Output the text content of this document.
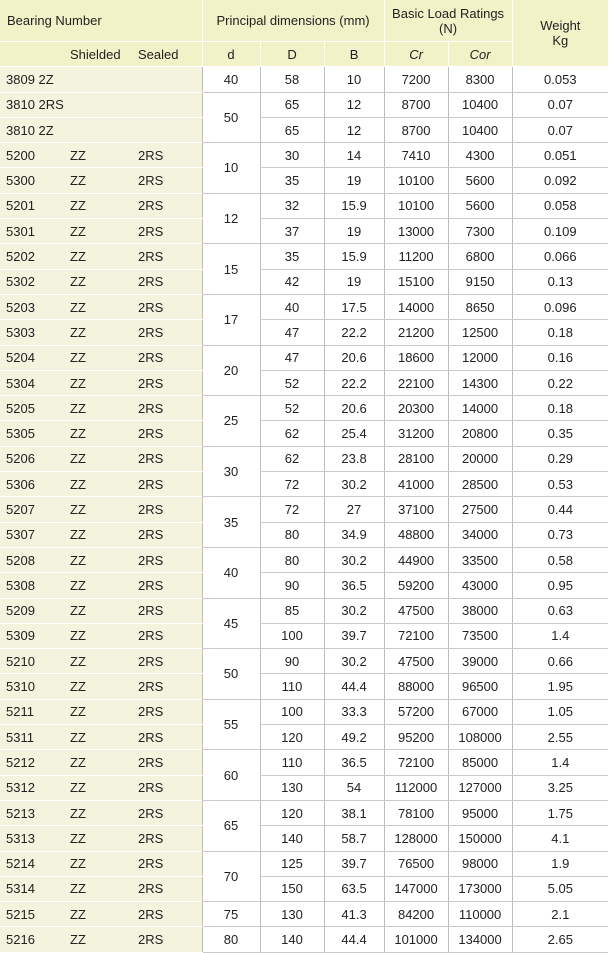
Bearing Number			Principal dimensions (mm)			Basic Load Ratings (N)		Weight
Kg

	Shielded	Sealed	d	D	B	Cr	Cor	
3809 2Z			40	58	10	7200	8300	0.053
3810 2RS			50	65	12	8700	10400	0.07
3810 2Z				65	12	8700	10400	0.07
5200	ZZ	2RS	10	30	14	7410	4300	0.051
5300	ZZ	2RS		35	19	10100	5600	0.092
5201	ZZ	2RS	12	32	15.9	10100	5600	0.058
5301	ZZ	2RS		37	19	13000	7300	0.109
5202	ZZ	2RS	15	35	15.9	11200	6800	0.066
5302	ZZ	2RS		42	19	15100	9150	0.13
5203	ZZ	2RS	17	40	17.5	14000	8650	0.096
5303	ZZ	2RS		47	22.2	21200	12500	0.18
5204	ZZ	2RS	20	47	20.6	18600	12000	0.16
5304	ZZ	2RS		52	22.2	22100	14300	0.22
5205	ZZ	2RS	25	52	20.6	20300	14000	0.18
5305	ZZ	2RS		62	25.4	31200	20800	0.35
5206	ZZ	2RS	30	62	23.8	28100	20000	0.29
5306	ZZ	2RS		72	30.2	41000	28500	0.53
5207	ZZ	2RS	35	72	27	37100	27500	0.44
5307	ZZ	2RS		80	34.9	48800	34000	0.73
5208	ZZ	2RS	40	80	30.2	44900	33500	0.58
5308	ZZ	2RS		90	36.5	59200	43000	0.95
5209	ZZ	2RS	45	85	30.2	47500	38000	0.63
5309	ZZ	2RS		100	39.7	72100	73500	1.4
5210	ZZ	2RS	50	90	30.2	47500	39000	0.66
5310	ZZ	2RS		110	44.4	88000	96500	1.95
5211	ZZ	2RS	55	100	33.3	57200	67000	1.05
5311	ZZ	2RS		120	49.2	95200	108000	2.55
5212	ZZ	2RS	60	110	36.5	72100	85000	1.4
5312	ZZ	2RS		130	54	112000	127000	3.25
5213	ZZ	2RS	65	120	38.1	78100	95000	1.75
5313	ZZ	2RS		140	58.7	128000	150000	4.1
5214	ZZ	2RS	70	125	39.7	76500	98000	1.9
5314	ZZ	2RS		150	63.5	147000	173000	5.05
5215	ZZ	2RS	75	130	41.3	84200	110000	2.1
5216	ZZ	2RS	80	140	44.4	101000	134000	2.65
